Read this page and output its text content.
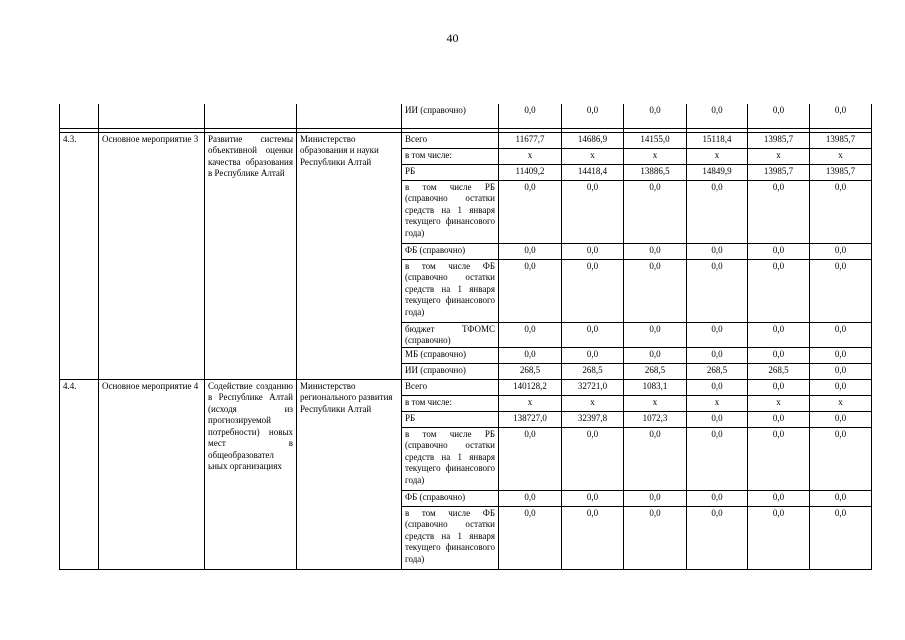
40
				ИИ (справочно)	0,0	0,0	0,0	0,0	0,0	0,0

4.3.	Основное мероприятие 3	Развитие системы объективной оценки качества образования в Республике Алтай	Министерство образования и науки Республики Алтай	Всего	11677,7	14686,9	14155,0	15118,4	13985,7	13985,7
				в том числе:	х	х	х	х	х	х
				РБ	11409,2	14418,4	13886,5	14849,9	13985,7	13985,7
				в том числе РБ (справочно остатки средств на 1 января текущего финансового года)	0,0	0,0	0,0	0,0	0,0	0,0
				ФБ (справочно)	0,0	0,0	0,0	0,0	0,0	0,0
				в том числе ФБ (справочно остатки средств на 1 января текущего финансового года)	0,0	0,0	0,0	0,0	0,0	0,0
				бюджет ТФОМС (справочно)	0,0	0,0	0,0	0,0	0,0	0,0
				МБ (справочно)	0,0	0,0	0,0	0,0	0,0	0,0
				ИИ (справочно)	268,5	268,5	268,5	268,5	268,5	0,0
4.4.	Основное мероприятие 4	Содействие созданию в Республике Алтай (исходя из прогнозируемой потребности) новых мест в общеобразовател ьных организациях	Министерство регионального развития Республики Алтай	Всего	140128,2	32721,0	1083,1	0,0	0,0	0,0
				в том числе:	х	х	х	х	х	х
				РБ	138727,0	32397,8	1072,3	0,0	0,0	0,0
				в том числе РБ (справочно остатки средств на 1 января текущего финансового года)	0,0	0,0	0,0	0,0	0,0	0,0
				ФБ (справочно)	0,0	0,0	0,0	0,0	0,0	0,0
				в том числе ФБ (справочно остатки средств на 1 января текущего финансового года)	0,0	0,0	0,0	0,0	0,0	0,0
